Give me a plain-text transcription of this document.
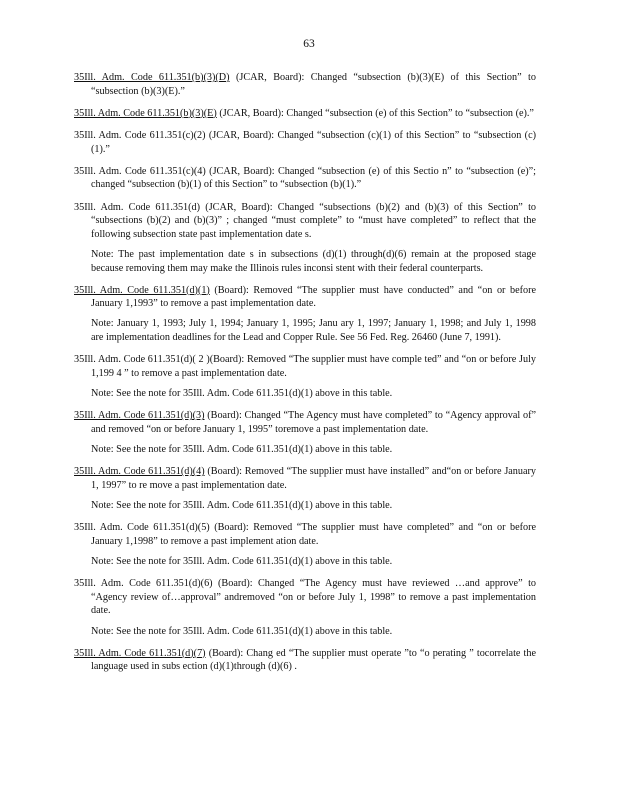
63
35Ill. Adm. Code 611.351(b)(3)(D) (JCAR, Board): Changed “subsection (b)(3)(E) of this Section” to “subsection (b)(3)(E).”
35Ill. Adm. Code 611.351(b)(3)(E) (JCAR, Board): Changed “subsection (e) of this Section” to “subsection (e).”
35Ill. Adm. Code 611.351(c)(2) (JCAR, Board): Changed “subsection (c)(1) of this Section” to “subsection (c)(1).”
35Ill. Adm. Code 611.351(c)(4) (JCAR, Board): Changed “subsection (e) of this Sectio n” to “subsection (e)”; changed “subsection (b)(1) of this Section” to “subsection (b)(1).”
35Ill. Adm. Code 611.351(d) (JCAR, Board): Changed “subsections (b)(2) and (b)(3) of this Section” to “subsections (b)(2) and (b)(3)” ; changed “must complete” to “must have completed” to reflect that the following subsection state past implementation date s.
Note: The past implementation date s in subsections (d)(1) through(d)(6) remain at the proposed stage because removing them may make the Illinois rules inconsi stent with their federal counterparts.
35Ill. Adm. Code 611.351(d)(1) (Board): Removed “The supplier must have conducted” and “on or before January 1,1993” to remove a past implementation date.
Note: January 1, 1993; July 1, 1994; January 1, 1995; Janu ary 1, 1997; January 1, 1998; and July 1, 1998 are implementation deadlines for the Lead and Copper Rule. See 56 Fed. Reg. 26460 (June 7, 1991).
35Ill. Adm. Code 611.351(d)( 2 )(Board): Removed “The supplier must have comple ted” and “on or before July 1,199 4 ” to remove a past implementation date.
Note: See the note for 35Ill. Adm. Code 611.351(d)(1) above in this table.
35Ill. Adm. Code 611.351(d)(3) (Board): Changed “The Agency must have completed” to “Agency approval of” and removed “on or before January 1, 1995” toremove a past implementation date.
Note: See the note for 35Ill. Adm. Code 611.351(d)(1) above in this table.
35Ill. Adm. Code 611.351(d)(4) (Board): Removed “The supplier must have installed” and“on or before January 1, 1997” to re move a past implementation date.
Note: See the note for 35Ill. Adm. Code 611.351(d)(1) above in this table.
35Ill. Adm. Code 611.351(d)(5) (Board): Removed “The supplier must have completed” and “on or before January 1,1998” to remove a past implement ation date.
Note: See the note for 35Ill. Adm. Code 611.351(d)(1) above in this table.
35Ill. Adm. Code 611.351(d)(6) (Board): Changed “The Agency must have reviewed …and approve” to “Agency review of…approval” andremoved “on or before July 1, 1998” to remove a past implementation date.
Note: See the note for 35Ill. Adm. Code 611.351(d)(1) above in this table.
35Ill. Adm. Code 611.351(d)(7) (Board): Chang ed “The supplier must operate ”to “o perating ” tocorrelate the language used in subs ection (d)(1)through (d)(6) .
